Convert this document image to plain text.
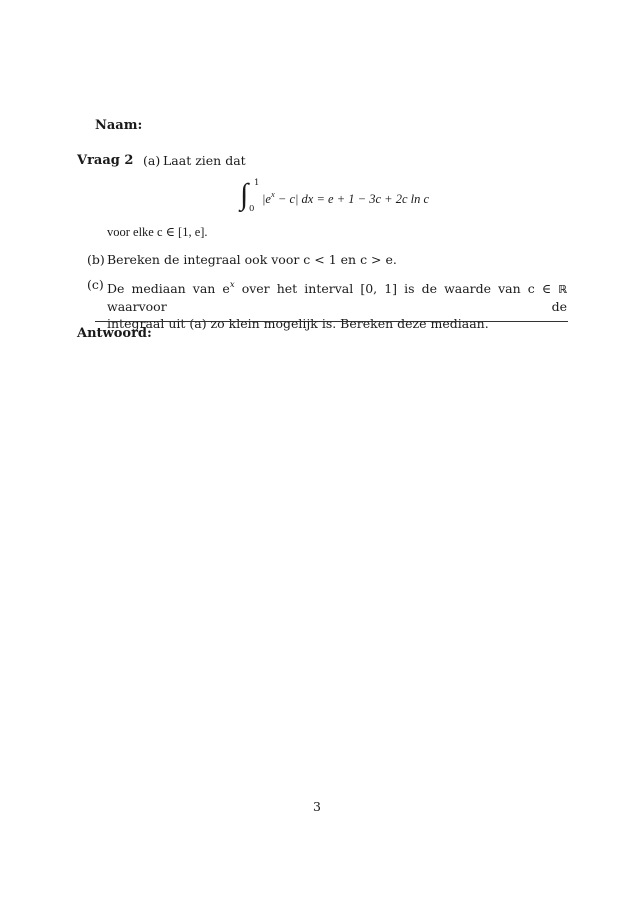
Naam:
Vraag 2 (a) Laat zien dat
∫ 1
0
$|e^x - c|$ dx = e + 1 − 3c + 2c ln c
voor elke c ∈ [1, e].
(b) Bereken de integraal ook voor c < 1 en c > e.
(c) De mediaan van $e^x$ over het interval [0, 1] is de waarde van c ∈ ℝ waarvoor de
integraal uit (a) zo klein mogelijk is. Bereken deze mediaan.
Antwoord:
3
